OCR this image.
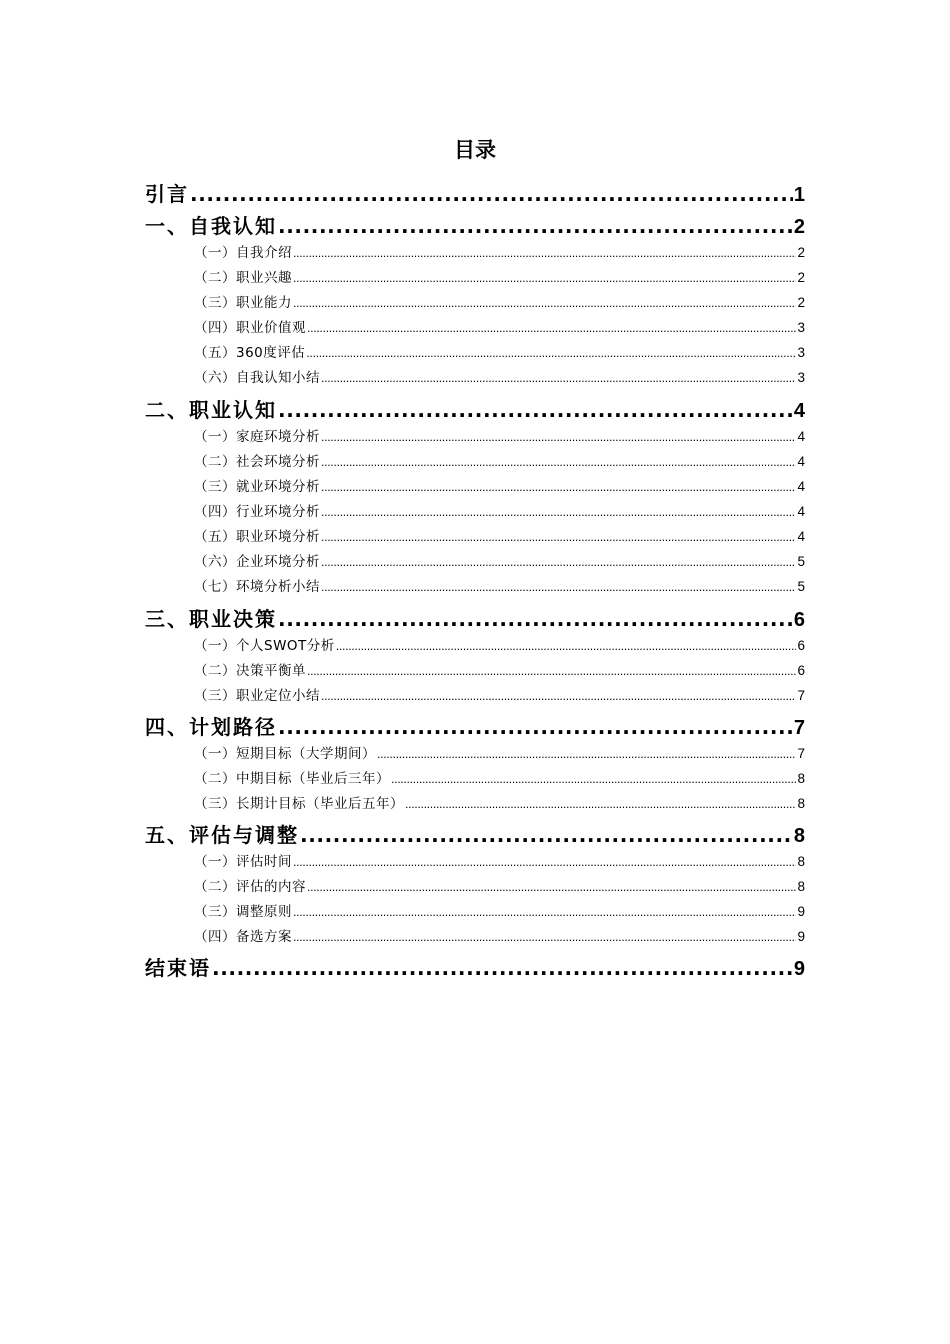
目录
引言 .....	1
一、自我认知 .....	2
（一）自我介绍 .....	2
（二）职业兴趣 .....	2
（三）职业能力 .....	2
（四）职业价值观 .....	3
（五）360度评估 .....	3
（六）自我认知小结 .....	3
二、职业认知 .....	4
（一）家庭环境分析 .....	4
（二）社会环境分析 .....	4
（三）就业环境分析 .....	4
（四）行业环境分析 .....	4
（五）职业环境分析 .....	4
（六）企业环境分析 .....	5
（七）环境分析小结 .....	5
三、职业决策 .....	6
（一）个人SWOT分析 .....	6
（二）决策平衡单 .....	6
（三）职业定位小结 .....	7
四、计划路径 .....	7
（一）短期目标（大学期间） .....	7
（二）中期目标（毕业后三年） .....	8
（三）长期计目标（毕业后五年） .....	8
五、评估与调整 .....	8
（一）评估时间 .....	8
（二）评估的内容 .....	8
（三）调整原则 .....	9
（四）备选方案 .....	9
结束语 .....	9
